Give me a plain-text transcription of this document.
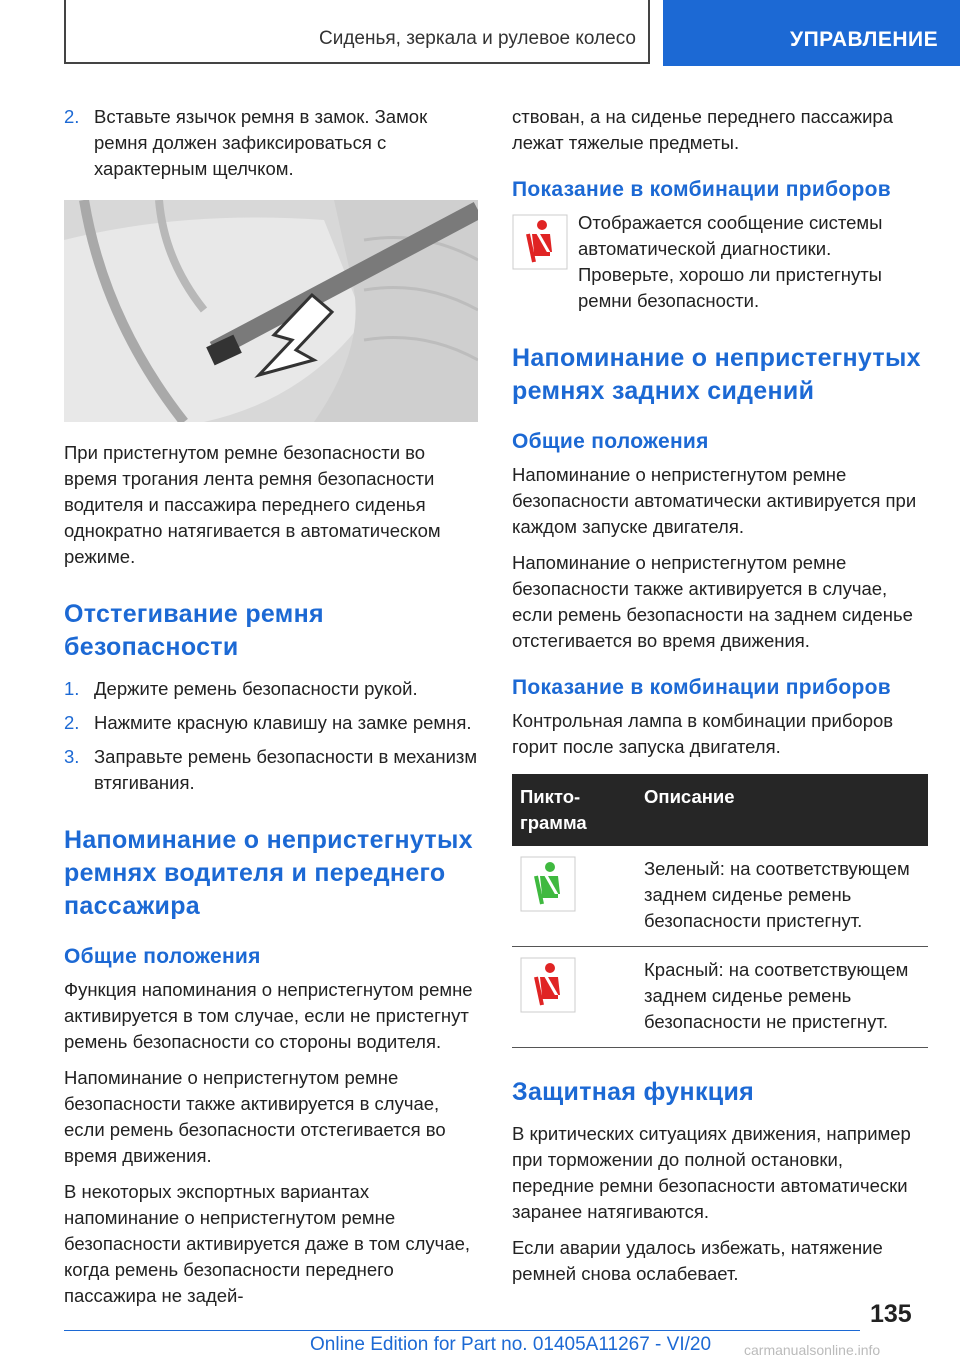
Сиденья, зеркала и рулевое колесо	УПРАВЛЕНИЕ
2. Вставьте язычок ремня в замок. Замок ремня должен зафиксироваться с характерным щелчком.

При пристегнутом ремне безопасности во время трогания лента ремня безопасности водителя и пассажира переднего сиденья однократно натягивается в автоматическом режиме.

Отстегивание ремня безопасности
1. Держите ремень безопасности рукой.
2. Нажмите красную клавишу на замке ремня.
3. Заправьте ремень безопасности в механизм втягивания.
Напоминание о непристегнутых ремнях водителя и переднего пассажира
Общие положения

Функция напоминания о непристегнутом ремне активируется в том случае, если не пристегнут ремень безопасности со стороны водителя.

Напоминание о непристегнутом ремне безопасности также активируется в случае, если ремень безопасности отстегивается во время движения.

В некоторых экспортных вариантах напоминание о непристегнутом ремне безопасности активируется даже в том случае, когда ремень безопасности переднего пассажира не задей-

ствован, а на сиденье переднего пассажира лежат тяжелые предметы.

Показание в комбинации приборов
Отображается сообщение системы автоматической диагностики. Проверьте, хорошо ли пристегнуты ремни безопасности.
Напоминание о непристегнутых ремнях задних сидений
Общие положения

Напоминание о непристегнутом ремне безопасности автоматически активируется при каждом запуске двигателя.

Напоминание о непристегнутом ремне безопасности также активируется в случае, если ремень безопасности на заднем сиденье отстегивается во время движения.

Показание в комбинации приборов

Контрольная лампа в комбинации приборов горит после запуска двигателя.

Пикто-грамма	Описание
	Зеленый: на соответствующем заднем сиденье ремень безопасности пристегнут.
	Красный: на соответствующем заднем сиденье ремень безопасности не пристегнут.
Защитная функция

В критических ситуациях движения, например при торможении до полной остановки, передние ремни безопасности автоматически заранее натягиваются.

Если аварии удалось избежать, натяжение ремней снова ослабевает.

135
Online Edition for Part no. 01405A11267 - VI/20 carmanualsonline.info
